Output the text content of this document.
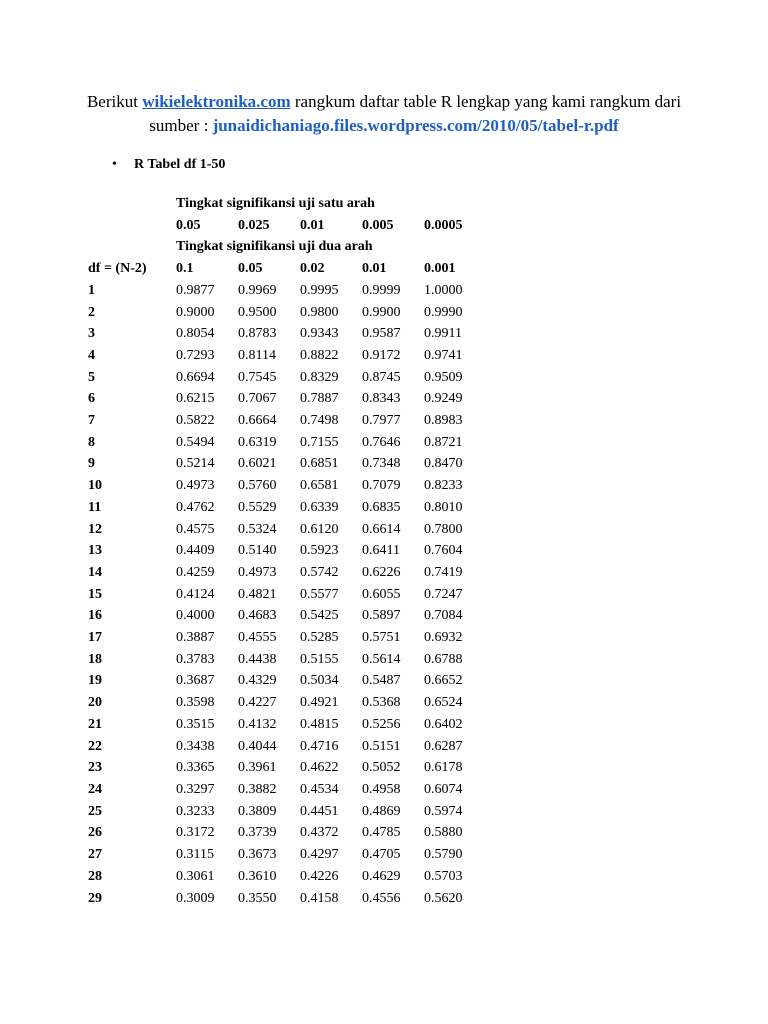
Berikut wikielektronika.com rangkum daftar table R lengkap yang kami rangkum dari sumber : junaidichaniago.files.wordpress.com/2010/05/tabel-r.pdf
• R Tabel df 1-50
	Tingkat signifikansi uji satu arah				
	0.05	0.025	0.01	0.005	0.0005
	Tingkat signifikansi uji dua arah				
df = (N-2)	0.1	0.05	0.02	0.01	0.001
1	0.9877	0.9969	0.9995	0.9999	1.0000
2	0.9000	0.9500	0.9800	0.9900	0.9990
3	0.8054	0.8783	0.9343	0.9587	0.9911
4	0.7293	0.8114	0.8822	0.9172	0.9741
5	0.6694	0.7545	0.8329	0.8745	0.9509
6	0.6215	0.7067	0.7887	0.8343	0.9249
7	0.5822	0.6664	0.7498	0.7977	0.8983
8	0.5494	0.6319	0.7155	0.7646	0.8721
9	0.5214	0.6021	0.6851	0.7348	0.8470
10	0.4973	0.5760	0.6581	0.7079	0.8233
11	0.4762	0.5529	0.6339	0.6835	0.8010
12	0.4575	0.5324	0.6120	0.6614	0.7800
13	0.4409	0.5140	0.5923	0.6411	0.7604
14	0.4259	0.4973	0.5742	0.6226	0.7419
15	0.4124	0.4821	0.5577	0.6055	0.7247
16	0.4000	0.4683	0.5425	0.5897	0.7084
17	0.3887	0.4555	0.5285	0.5751	0.6932
18	0.3783	0.4438	0.5155	0.5614	0.6788
19	0.3687	0.4329	0.5034	0.5487	0.6652
20	0.3598	0.4227	0.4921	0.5368	0.6524
21	0.3515	0.4132	0.4815	0.5256	0.6402
22	0.3438	0.4044	0.4716	0.5151	0.6287
23	0.3365	0.3961	0.4622	0.5052	0.6178
24	0.3297	0.3882	0.4534	0.4958	0.6074
25	0.3233	0.3809	0.4451	0.4869	0.5974
26	0.3172	0.3739	0.4372	0.4785	0.5880
27	0.3115	0.3673	0.4297	0.4705	0.5790
28	0.3061	0.3610	0.4226	0.4629	0.5703
29	0.3009	0.3550	0.4158	0.4556	0.5620
